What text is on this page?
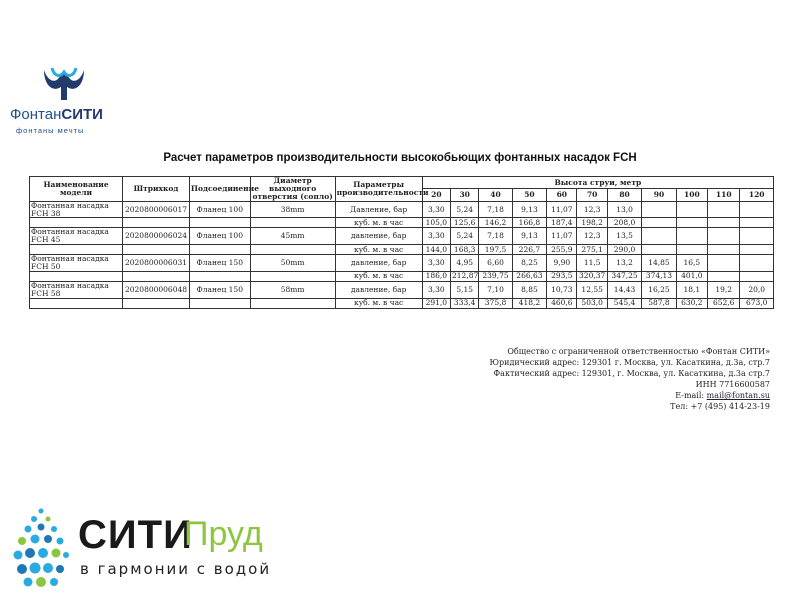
ФонтанСИТИ
фонтаны мечты
Расчет параметров производительности высокобьющих фонтанных насадок FCH
Наименование модели	Штрихкод	Подсоединение	Диаметр выходного отверстия (сопло)	Параметры производительности	Высота струи, метр										
					20	30	40	50	60	70	80	90	100	110	120
Фонтанная насадка FCH 38	2020800006017	Фланец 100	38mm	Давление, бар	3,30	5,24	7,18	9,13	11,07	12,3	13,0				
				куб. м. в час	105,0	125,6	146,2	166,8	187,4	198,2	208,0				
Фонтанная насадка FCH 45	2020800006024	Фланец 100	45mm	давление, бар	3,30	5,24	7,18	9,13	11,07	12,3	13,5				
				куб. м. в час	144,0	168,3	197,5	226,7	255,9	275,1	290,0				
Фонтанная насадка FCH 50	2020800006031	Фланец 150	50mm	давление, бар	3,30	4,95	6,60	8,25	9,90	11,5	13,2	14,85	16,5		
				куб. м. в час	186,0	212,87	239,75	266,63	293,5	320,37	347,25	374,13	401,0		
Фонтанная насадка FCH 58	2020800006048	Фланец 150	58mm	давление, бар	3,30	5,15	7,10	8,85	10,73	12,55	14,43	16,25	18,1	19,2	20,0
				куб. м. в час	291,0	333,4	375,8	418,2	460,6	503,0	545,4	587,8	630,2	652,6	673,0
Общество с ограниченной ответственностью «Фонтан СИТИ»
Юридический адрес: 129301 г. Москва, ул. Касаткина, д.3а, стр.7
Фактический адрес: 129301, г. Москва, ул. Касаткина, д.3а стр.7
ИНН 7716600587
E-mail: mail@fontan.su
Тел: +7 (495) 414-23-19
СИТИ
Пруд
в гармонии с водой
